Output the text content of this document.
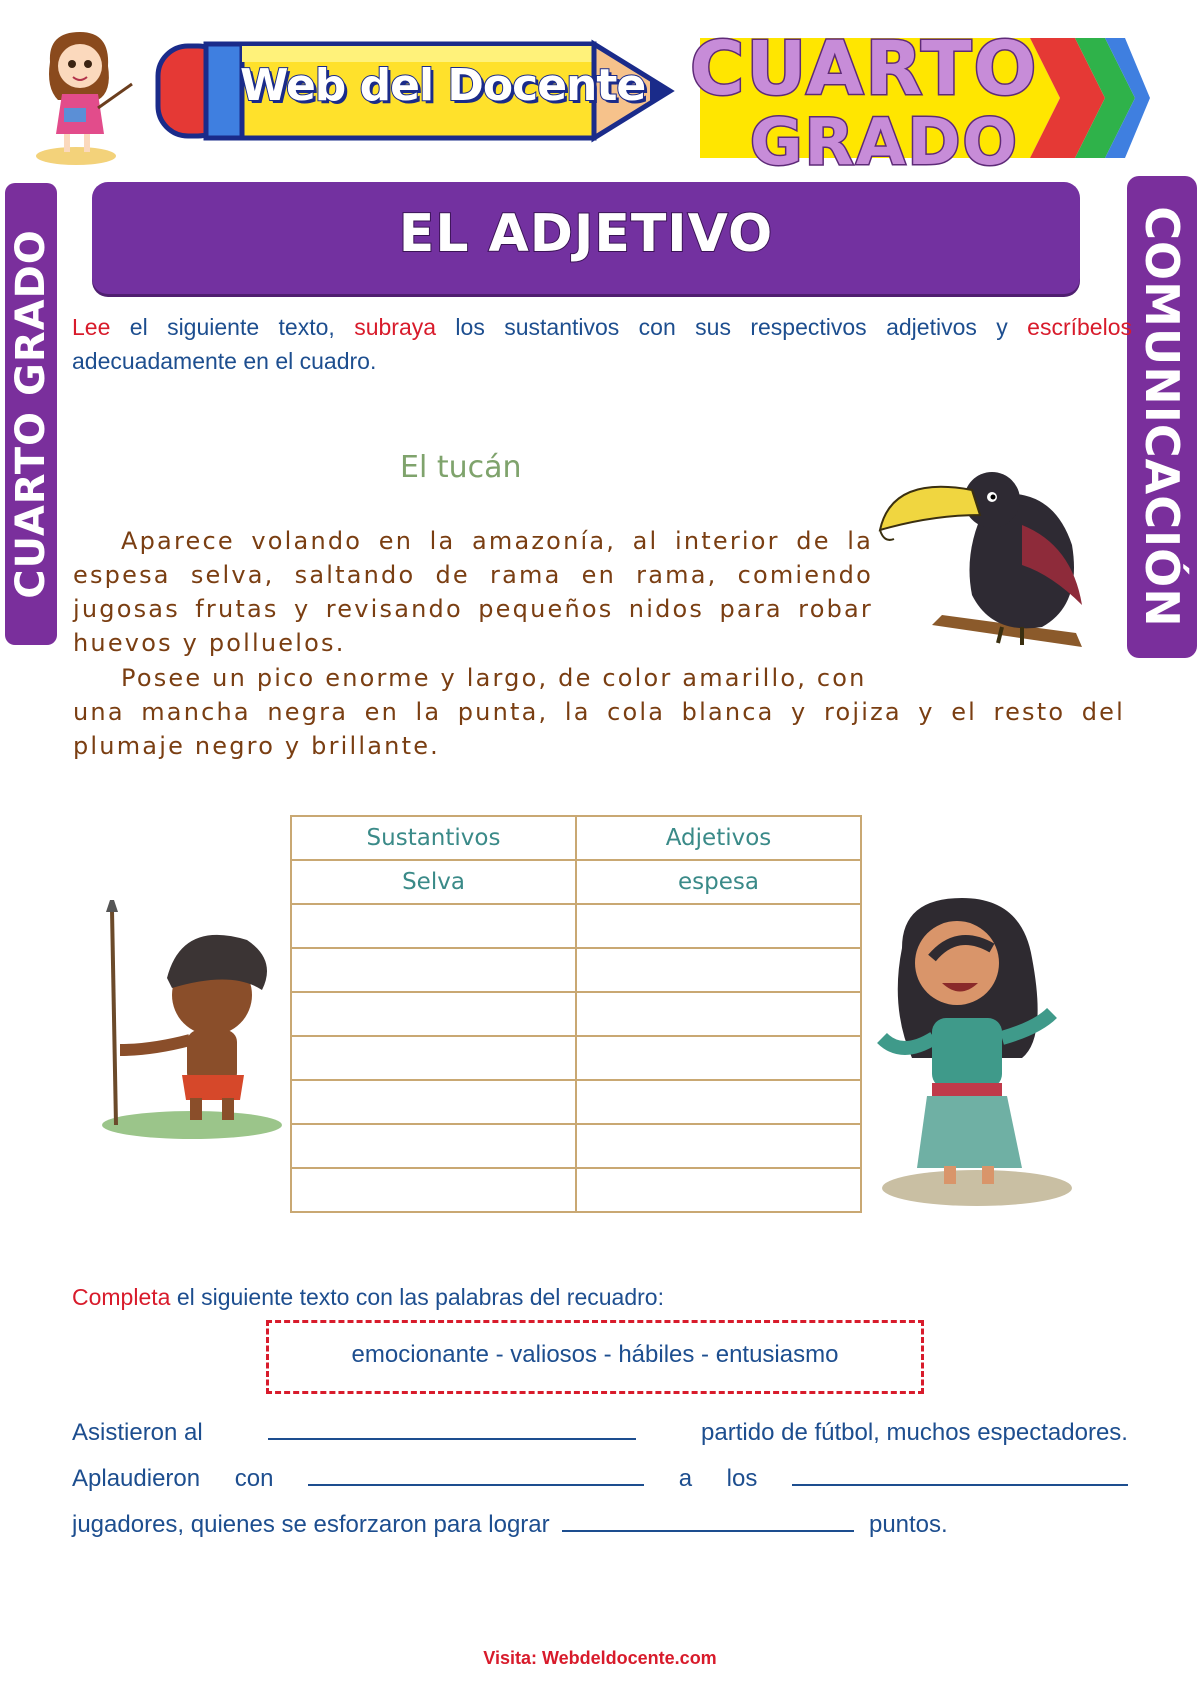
Web del Docente CUARTO
GRADO
CUARTO GRADO	COMUNICACIÓN
EL ADJETIVO
Lee el siguiente texto, subraya los sustantivos con sus respectivos adjetivos y escríbelos adecuadamente en el cuadro.
El tucán

Aparece volando en la amazonía, al interior de la espesa selva, saltando de rama en rama, comiendo jugosas frutas y revisando pequeños nidos para robar huevos y polluelos.

Posee un pico enorme y largo, de color amarillo, con

una mancha negra en la punta, la cola blanca y rojiza y el resto del plumaje negro y brillante.
Sustantivos	Adjetivos
Selva	espesa

Completa el siguiente texto con las palabras del recuadro:
emocionante - valiosos - hábiles - entusiasmo
Asistieron al	partido de fútbol, muchos espectadores.
Aplaudieron con	a los
jugadores, quienes se esforzaron para lograr	puntos.
Visita: Webdeldocente.com
